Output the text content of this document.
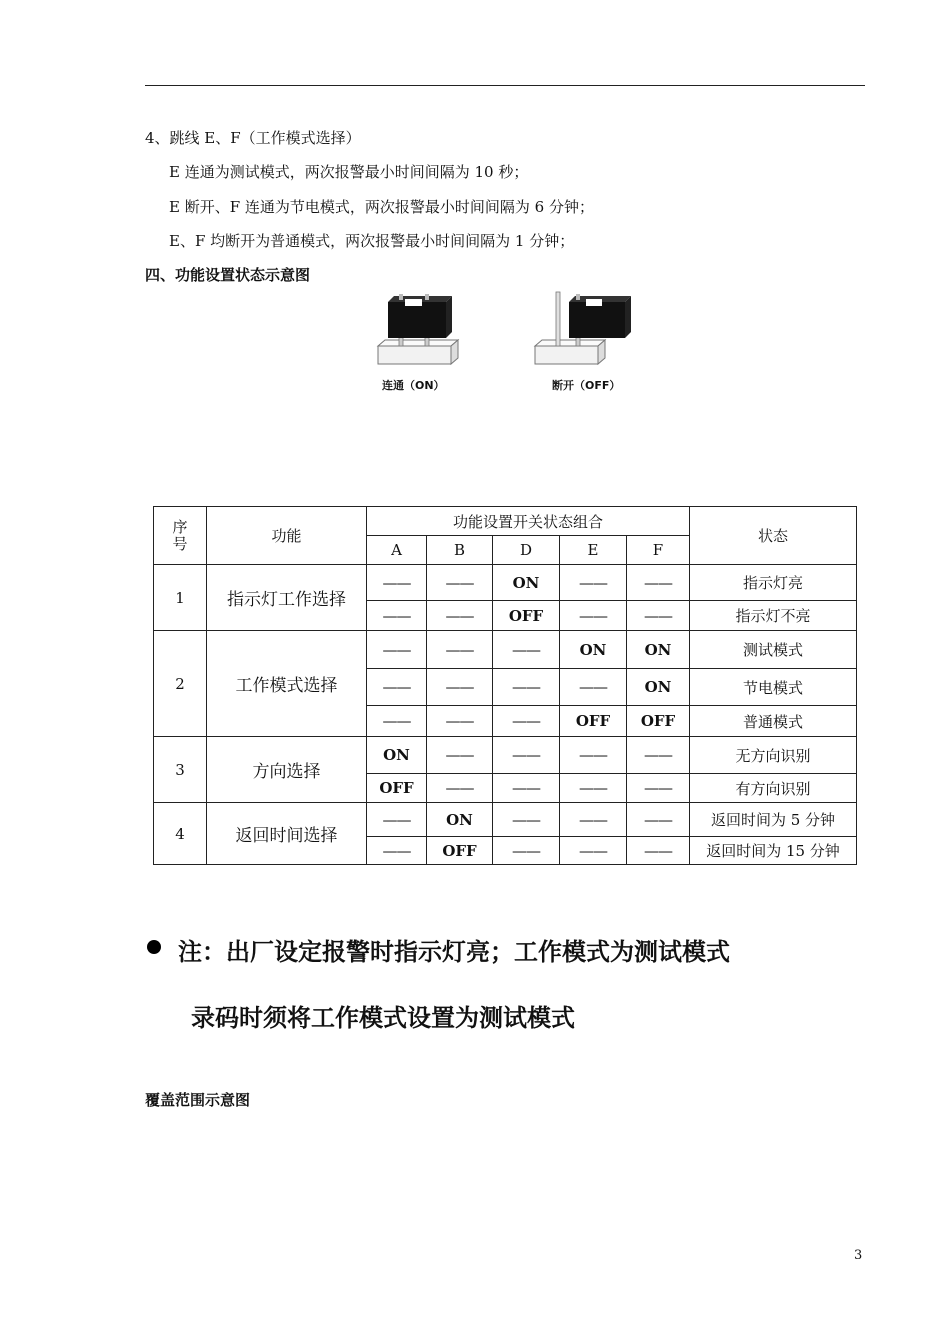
4、跳线 E、F（工作模式选择）
E 连通为测试模式，两次报警最小时间间隔为 10 秒；
E 断开、F 连通为节电模式，两次报警最小时间间隔为 6 分钟；
E、F 均断开为普通模式，两次报警最小时间间隔为 1 分钟；
四、功能设置状态示意图
连通（ON）	断开（OFF）
序
号	功能	功能设置开关状态组合					状态
		A	B	D	E	F	
1	指示灯工作选择	——	——	ON	——	——	指示灯亮
		——	——	OFF	——	——	指示灯不亮
2	工作模式选择	——	——	——	ON	ON	测试模式
		——	——	——	——	ON	节电模式
		——	——	——	OFF	OFF	普通模式
3	方向选择	ON	——	——	——	——	无方向识别
		OFF	——	——	——	——	有方向识别
4	返回时间选择	——	ON	——	——	——	返回时间为 5 分钟
		——	OFF	——	——	——	返回时间为 15 分钟
注：出厂设定报警时指示灯亮；工作模式为测试模式
录码时须将工作模式设置为测试模式
覆盖范围示意图
3
